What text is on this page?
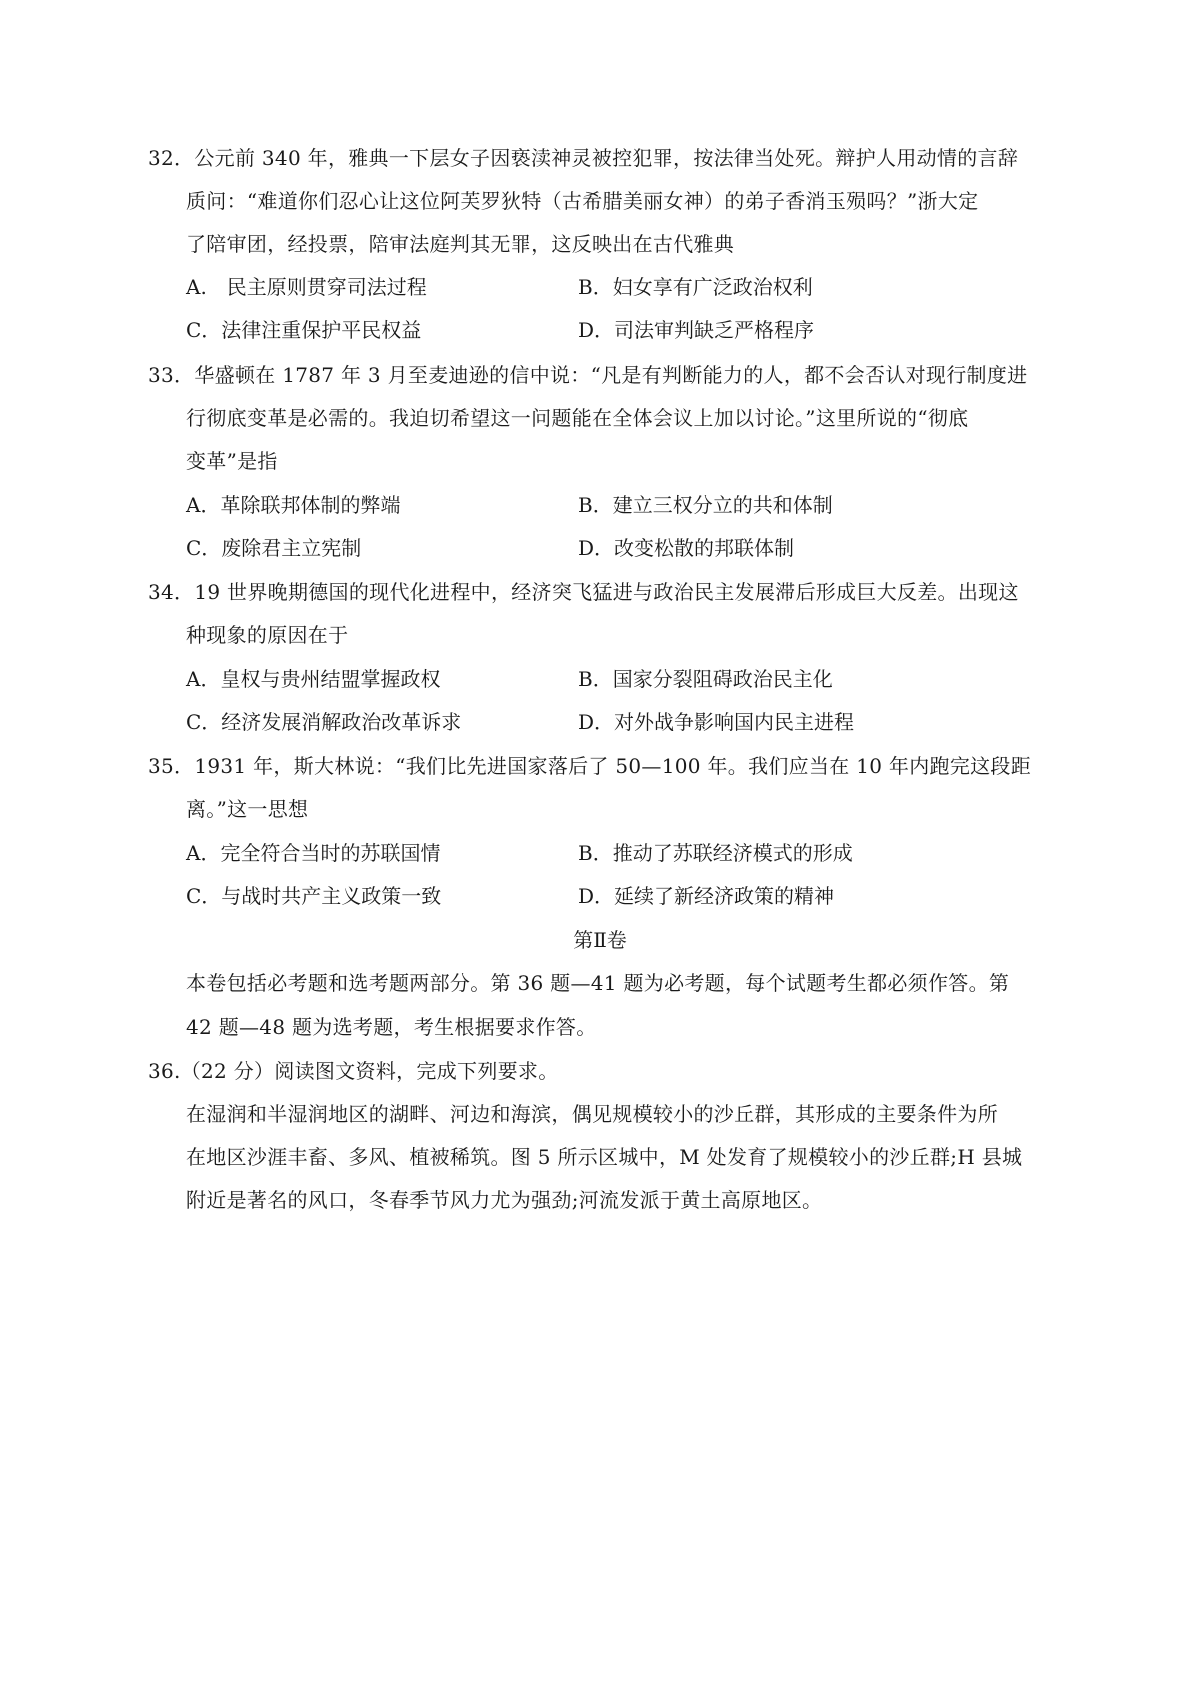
32．公元前 340 年，雅典一下层女子因亵渎神灵被控犯罪，按法律当处死。辩护人用动情的言辞
质问：“难道你们忍心让这位阿芙罗狄特（古希腊美丽女神）的弟子香消玉殒吗？”浙大定
了陪审团，经投票，陪审法庭判其无罪，这反映出在古代雅典
A.　民主原则贯穿司法过程	B．妇女享有广泛政治权利
C．法律注重保护平民权益	D．司法审判缺乏严格程序
33．华盛顿在 1787 年 3 月至麦迪逊的信中说：“凡是有判断能力的人，都不会否认对现行制度进
行彻底变革是必需的。我迫切希望这一问题能在全体会议上加以讨论。”这里所说的“彻底
变革”是指
A．革除联邦体制的弊端	B．建立三权分立的共和体制
C．废除君主立宪制	D．改变松散的邦联体制
34．19 世界晚期德国的现代化进程中，经济突飞猛进与政治民主发展滞后形成巨大反差。出现这
种现象的原因在于
A．皇权与贵州结盟掌握政权	B．国家分裂阻碍政治民主化
C．经济发展消解政治改革诉求	D．对外战争影响国内民主进程
35．1931 年，斯大林说：“我们比先进国家落后了 50—100 年。我们应当在 10 年内跑完这段距
离。”这一思想
A．完全符合当时的苏联国情	B．推动了苏联经济模式的形成
C．与战时共产主义政策一致	D．延续了新经济政策的精神
第Ⅱ卷
本卷包括必考题和选考题两部分。第 36 题—41 题为必考题，每个试题考生都必须作答。第
42 题—48 题为选考题，考生根据要求作答。
36.（22 分）阅读图文资料，完成下列要求。
在湿润和半湿润地区的湖畔、河边和海滨，偶见规模较小的沙丘群，其形成的主要条件为所
在地区沙涯丰畜、多风、植被稀筑。图 5 所示区城中，M 处发育了规模较小的沙丘群;H 县城
附近是著名的风口，冬春季节风力尤为强劲;河流发派于黄土高原地区。
